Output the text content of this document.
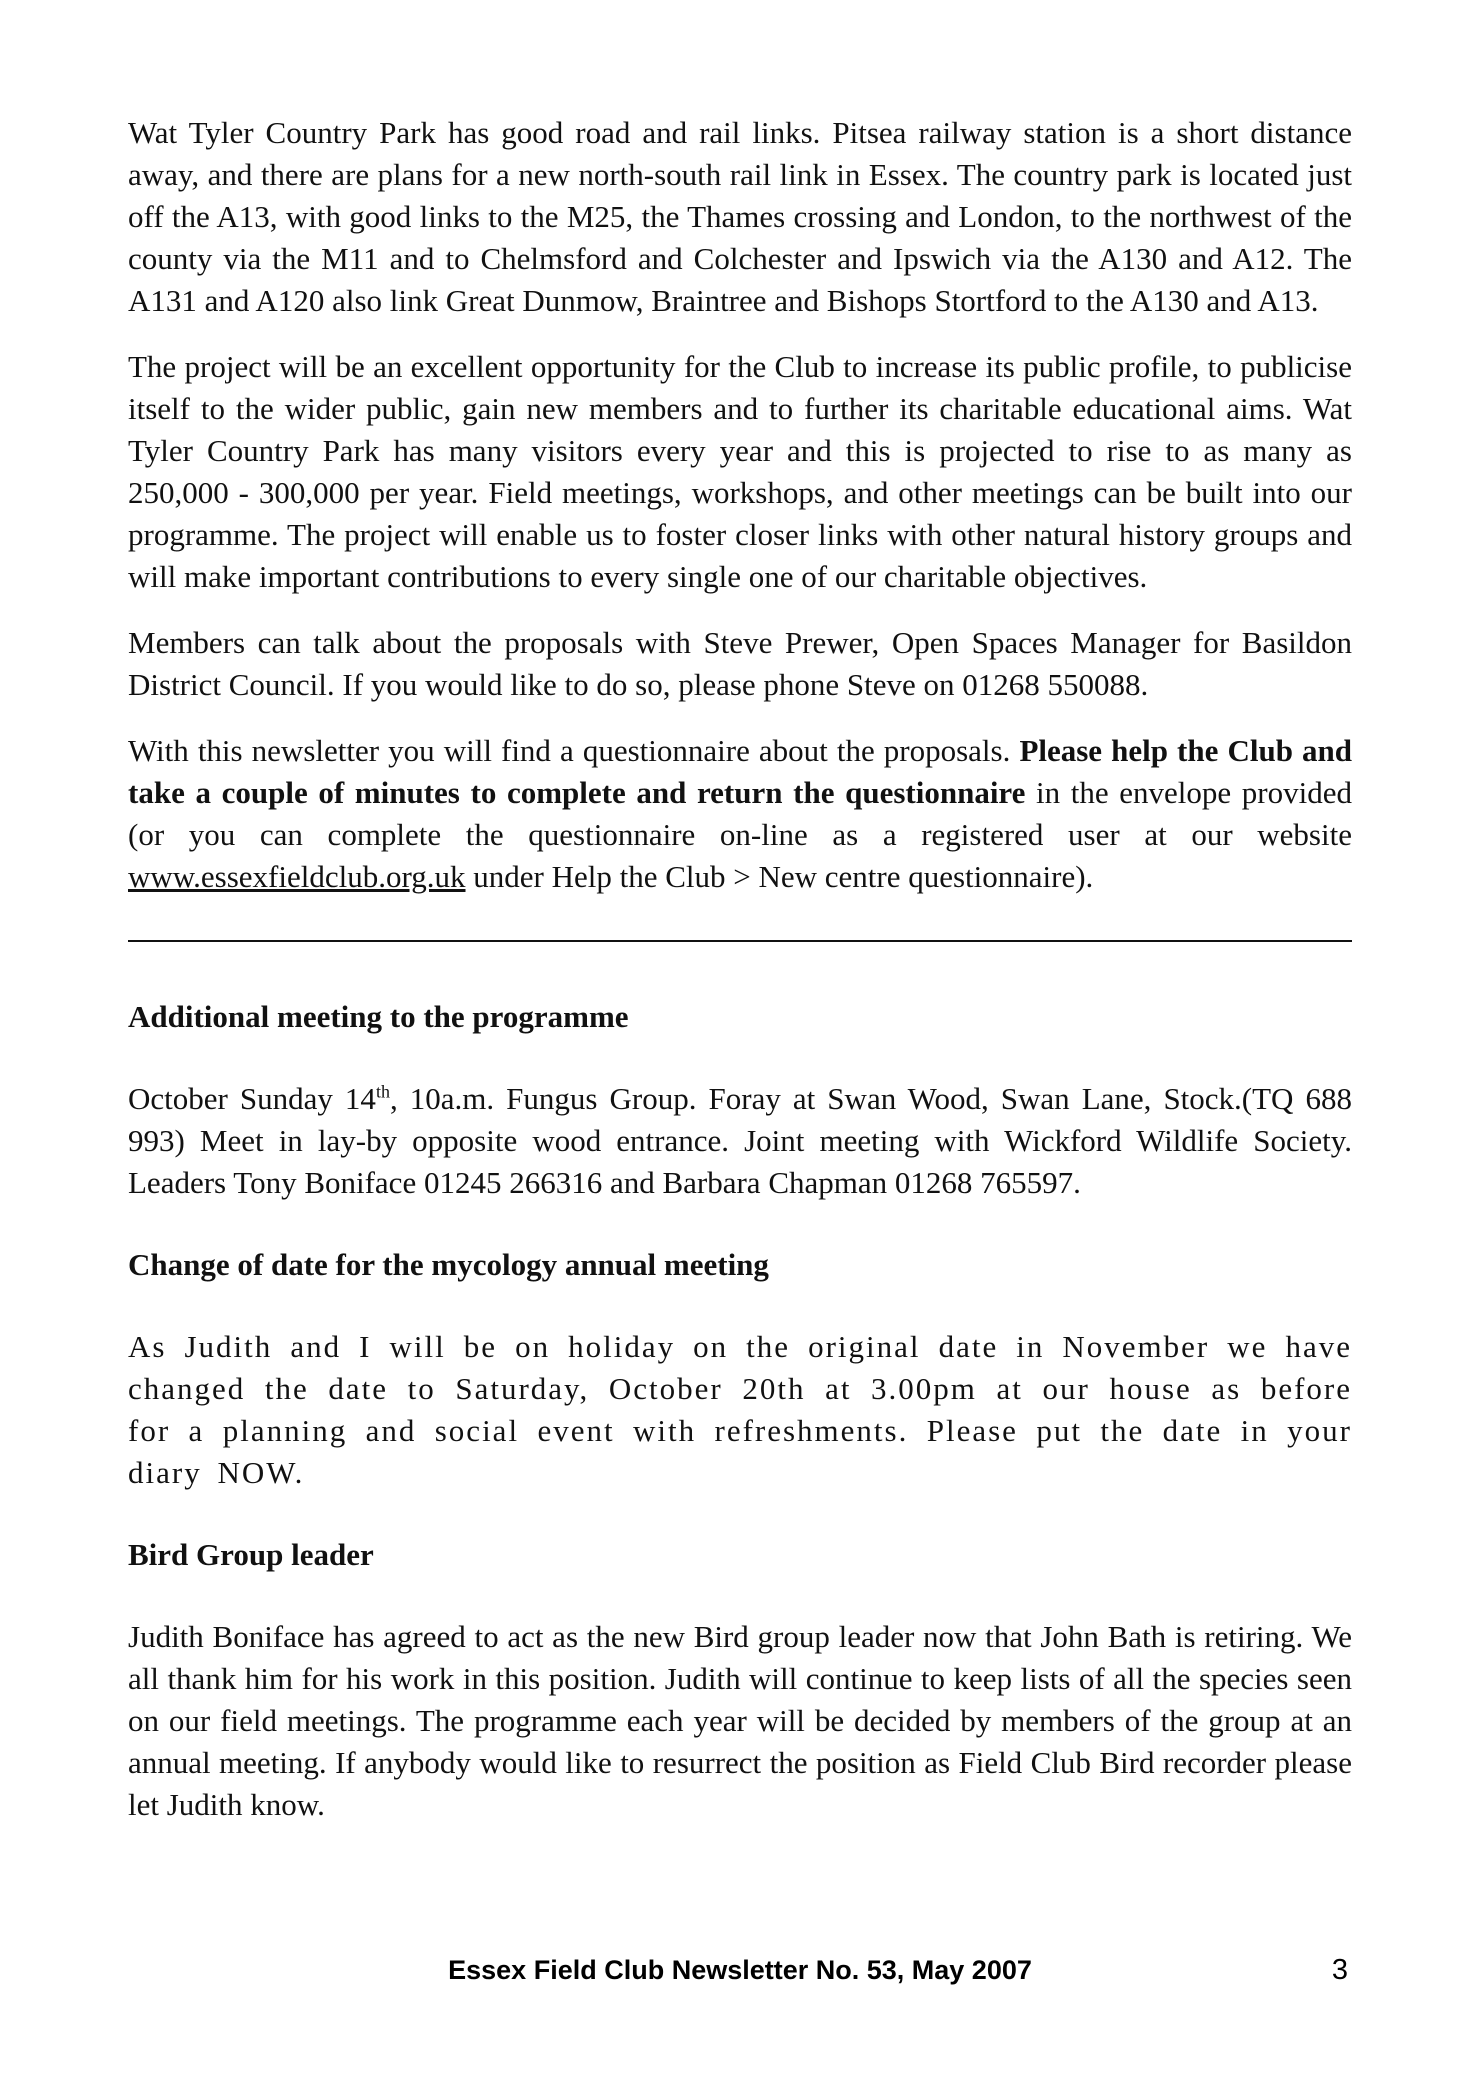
Wat Tyler Country Park has good road and rail links. Pitsea railway station is a short distance away, and there are plans for a new north-south rail link in Essex. The country park is located just off the A13, with good links to the M25, the Thames crossing and London, to the northwest of the county via the M11 and to Chelmsford and Colchester and Ipswich via the A130 and A12. The A131 and A120 also link Great Dunmow, Braintree and Bishops Stortford to the A130 and A13.

The project will be an excellent opportunity for the Club to increase its public profile, to publicise itself to the wider public, gain new members and to further its charitable educational aims. Wat Tyler Country Park has many visitors every year and this is projected to rise to as many as 250,000 - 300,000 per year. Field meetings, workshops, and other meetings can be built into our programme. The project will enable us to foster closer links with other natural history groups and will make important contributions to every single one of our charitable objectives.

Members can talk about the proposals with Steve Prewer, Open Spaces Manager for Basildon District Council. If you would like to do so, please phone Steve on 01268 550088.

With this newsletter you will find a questionnaire about the proposals. Please help the Club and take a couple of minutes to complete and return the questionnaire in the envelope provided (or you can complete the questionnaire on-line as a registered user at our website www.essexfieldclub.org.uk under Help the Club > New centre questionnaire).

Additional meeting to the programme

October Sunday 14th, 10a.m. Fungus Group. Foray at Swan Wood, Swan Lane, Stock.(TQ 688 993) Meet in lay-by opposite wood entrance. Joint meeting with Wickford Wildlife Society. Leaders Tony Boniface 01245 266316 and Barbara Chapman 01268 765597.

Change of date for the mycology annual meeting

As Judith and I will be on holiday on the original date in November we have changed the date to Saturday, October 20th at 3.00pm at our house as before for a planning and social event with refreshments. Please put the date in your diary NOW.

Bird Group leader

Judith Boniface has agreed to act as the new Bird group leader now that John Bath is retiring. We all thank him for his work in this position. Judith will continue to keep lists of all the species seen on our field meetings. The programme each year will be decided by members of the group at an annual meeting. If anybody would like to resurrect the position as Field Club Bird recorder please let Judith know.

Essex Field Club Newsletter No. 53, May 2007	3
